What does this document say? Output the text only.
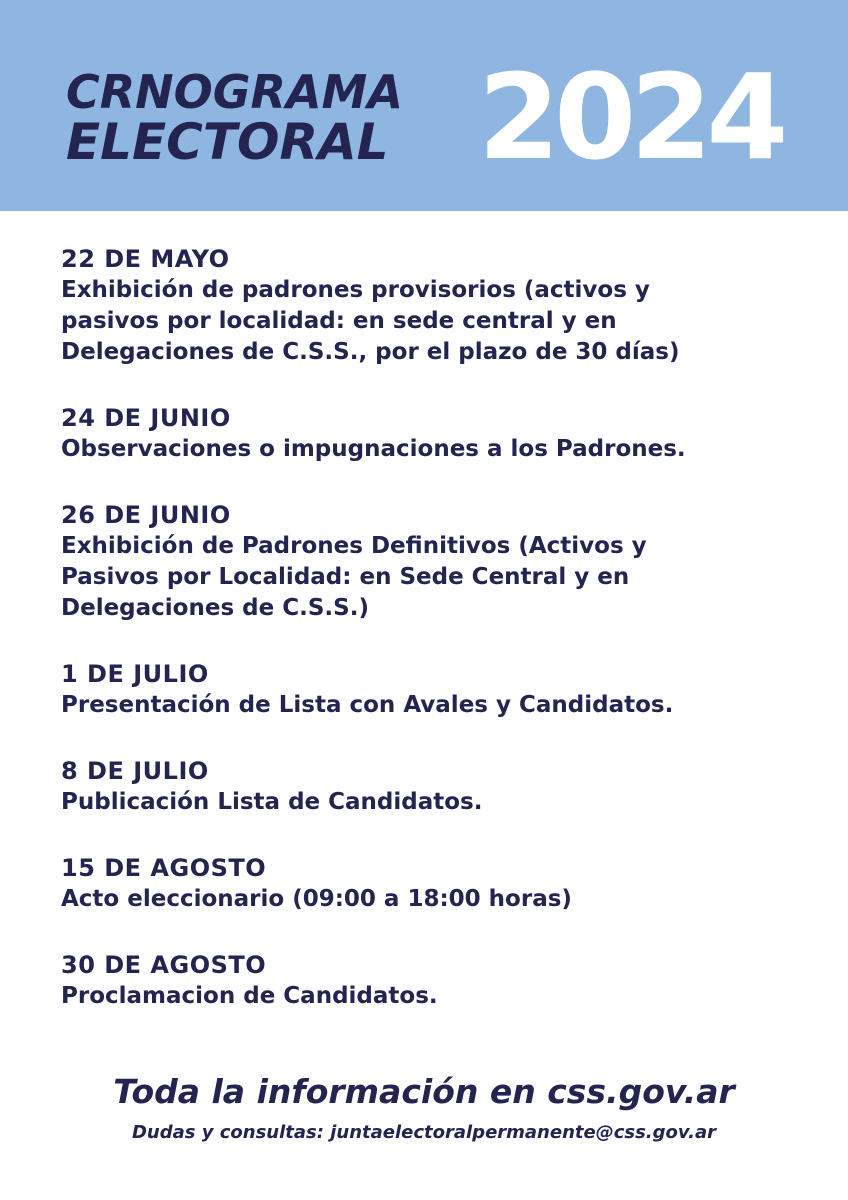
CRNOGRAMA
ELECTORAL 2024
22 DE MAYO
Exhibición de padrones provisorios (activos y
pasivos por localidad: en sede central y en
Delegaciones de C.S.S., por el plazo de 30 días)
24 DE JUNIO
Observaciones o impugnaciones a los Padrones.
26 DE JUNIO
Exhibición de Padrones Definitivos (Activos y
Pasivos por Localidad: en Sede Central y en
Delegaciones de C.S.S.)
1 DE JULIO
Presentación de Lista con Avales y Candidatos.
8 DE JULIO
Publicación Lista de Candidatos.
15 DE AGOSTO
Acto eleccionario (09:00 a 18:00 horas)
30 DE AGOSTO
Proclamacion de Candidatos.
Toda la información en css.gov.ar
Dudas y consultas: juntaelectoralpermanente@css.gov.ar
